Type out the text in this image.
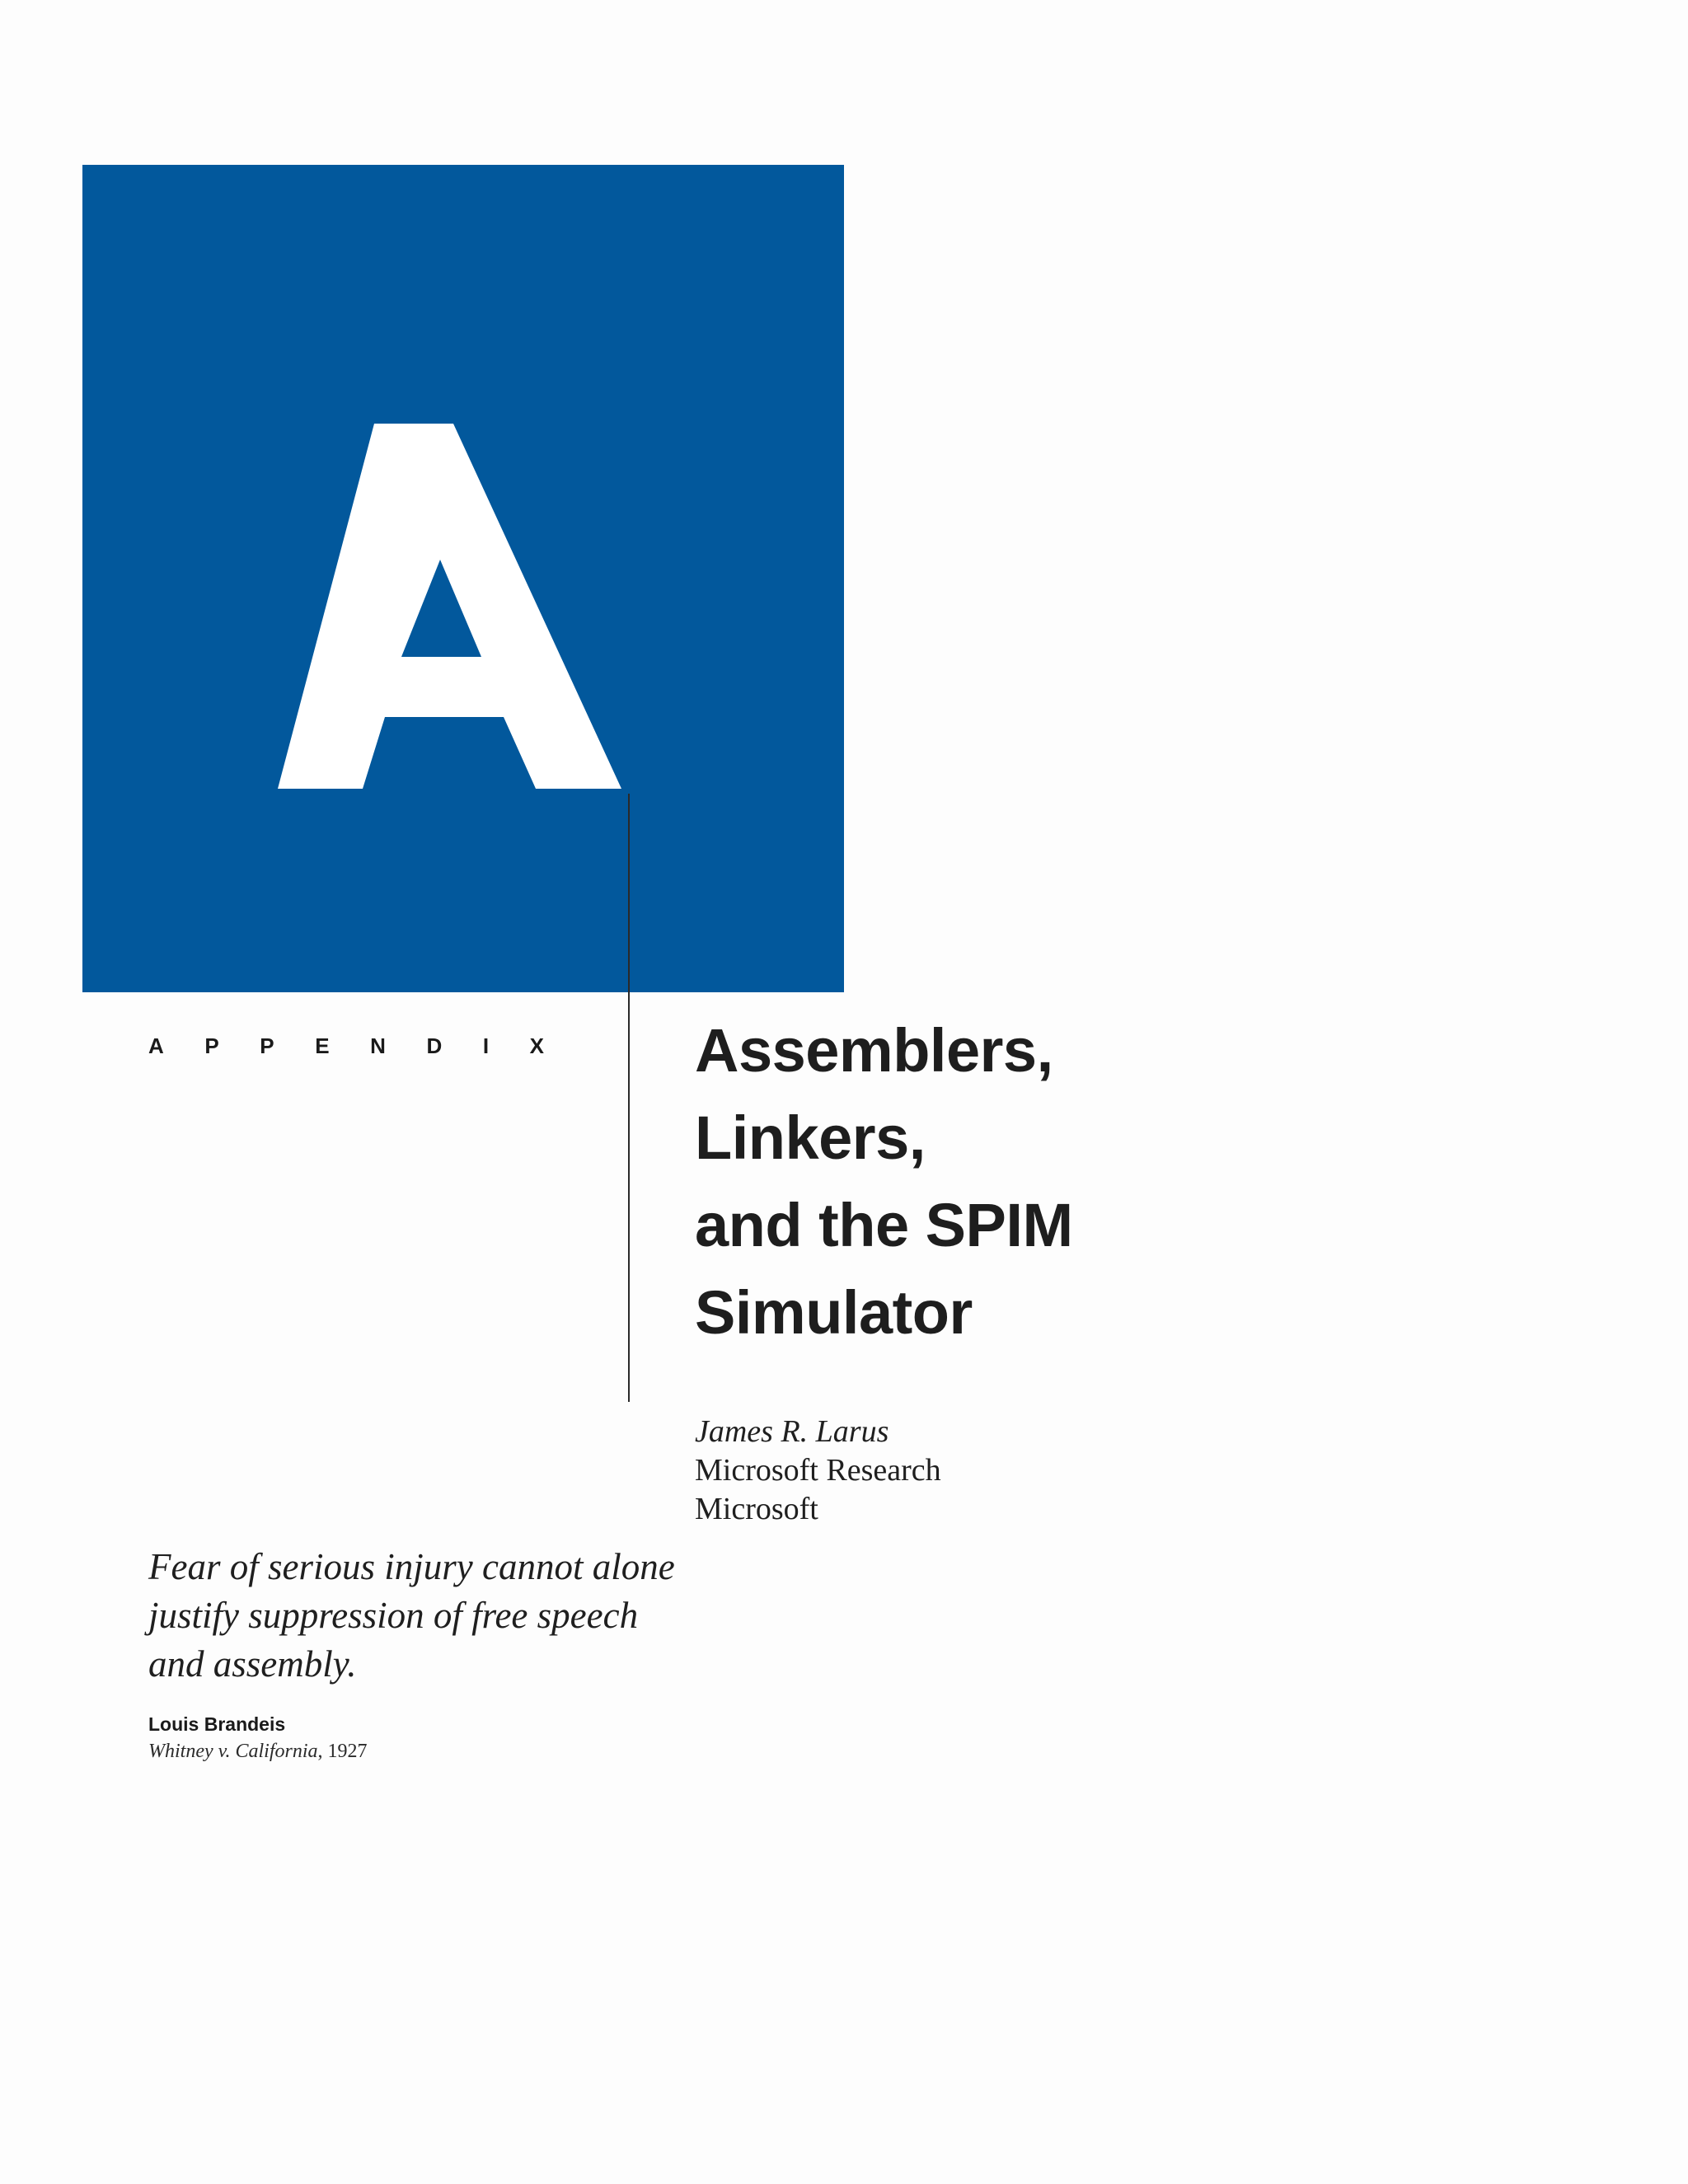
A P P E N D I X Assemblers,
Linkers,
and the SPIM
Simulator
James R. Larus
Microsoft Research
Microsoft
Fear of serious injury cannot alone
justify suppression of free speech
and assembly.
Louis Brandeis
Whitney v. California, 1927
